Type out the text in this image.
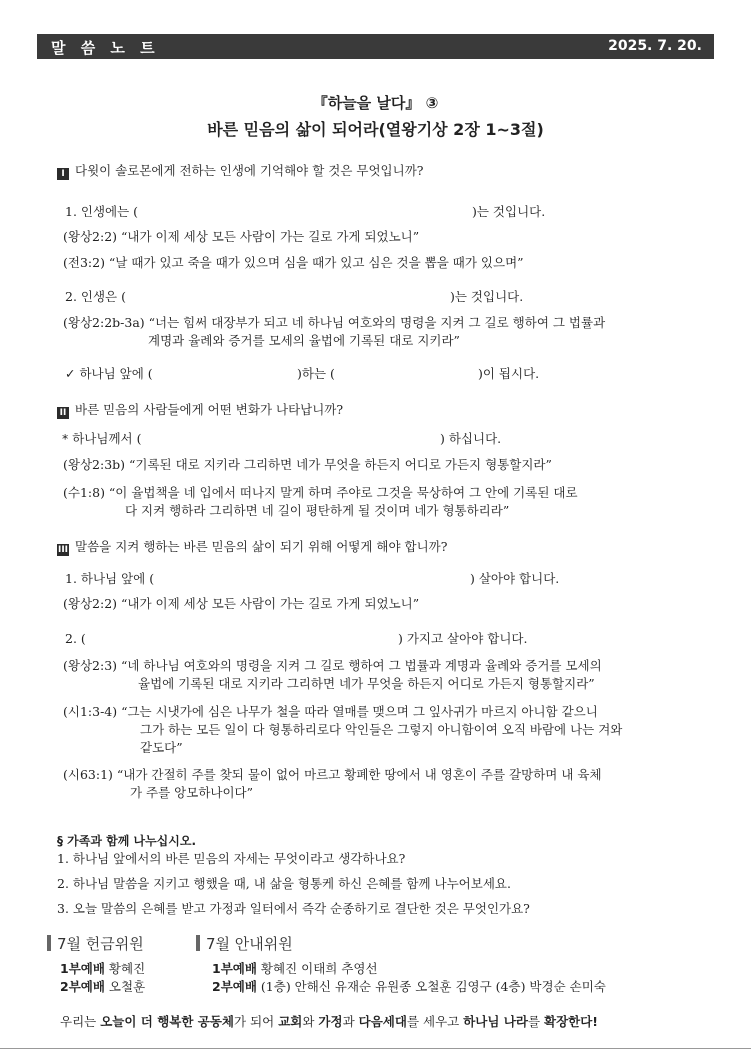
말 씀 노 트	2025. 7. 20.
『하늘을 날다』 ③
바른 믿음의 삶이 되어라(열왕기상 2장 1~3절)
I 다윗이 솔로몬에게 전하는 인생에 기억해야 할 것은 무엇입니까?
1. 인생에는 (	)는 것입니다.
(왕상2:2) “내가 이제 세상 모든 사람이 가는 길로 가게 되었노니”
(전3:2) “날 때가 있고 죽을 때가 있으며 심을 때가 있고 심은 것을 뽑을 때가 있으며”
2. 인생은 (	)는 것입니다.
(왕상2:2b-3a) “너는 힘써 대장부가 되고 네 하나님 여호와의 명령을 지켜 그 길로 행하여 그 법률과
계명과 율례와 증거를 모세의 율법에 기록된 대로 지키라”
✓ 하나님 앞에 (	)하는 (	)이 됩시다.
II 바른 믿음의 사람들에게 어떤 변화가 나타납니까?
* 하나님께서 (	) 하십니다.
(왕상2:3b) “기록된 대로 지키라 그리하면 네가 무엇을 하든지 어디로 가든지 형통할지라”
(수1:8) “이 율법책을 네 입에서 떠나지 말게 하며 주야로 그것을 묵상하여 그 안에 기록된 대로
다 지켜 행하라 그리하면 네 길이 평탄하게 될 것이며 네가 형통하리라”
III 말씀을 지켜 행하는 바른 믿음의 삶이 되기 위해 어떻게 해야 합니까?
1. 하나님 앞에 (	) 살아야 합니다.
(왕상2:2) “내가 이제 세상 모든 사람이 가는 길로 가게 되었노니”
2. (	) 가지고 살아야 합니다.
(왕상2:3) “네 하나님 여호와의 명령을 지켜 그 길로 행하여 그 법률과 계명과 율례와 증거를 모세의
율법에 기록된 대로 지키라 그리하면 네가 무엇을 하든지 어디로 가든지 형통할지라”
(시1:3-4) “그는 시냇가에 심은 나무가 철을 따라 열매를 맺으며 그 잎사귀가 마르지 아니함 같으니
그가 하는 모든 일이 다 형통하리로다 악인들은 그렇지 아니함이여 오직 바람에 나는 겨와
같도다”
(시63:1) “내가 간절히 주를 찾되 물이 없어 마르고 황폐한 땅에서 내 영혼이 주를 갈망하며 내 육체
가 주를 앙모하나이다”
§ 가족과 함께 나누십시오.
1. 하나님 앞에서의 바른 믿음의 자세는 무엇이라고 생각하나요?
2. 하나님 말씀을 지키고 행했을 때, 내 삶을 형통케 하신 은혜를 함께 나누어보세요.
3. 오늘 말씀의 은혜를 받고 가정과 일터에서 즉각 순종하기로 결단한 것은 무엇인가요?
7월 헌금위원	7월 안내위원
1부예배 황혜진
2부예배 오철훈
1부예배 황혜진 이태희 추영선
2부예배 (1층) 안해신 유재순 유원종 오철훈 김영구 (4층) 박경순 손미숙
우리는 오늘이 더 행복한 공동체가 되어 교회와 가정과 다음세대를 세우고 하나님 나라를 확장한다!
